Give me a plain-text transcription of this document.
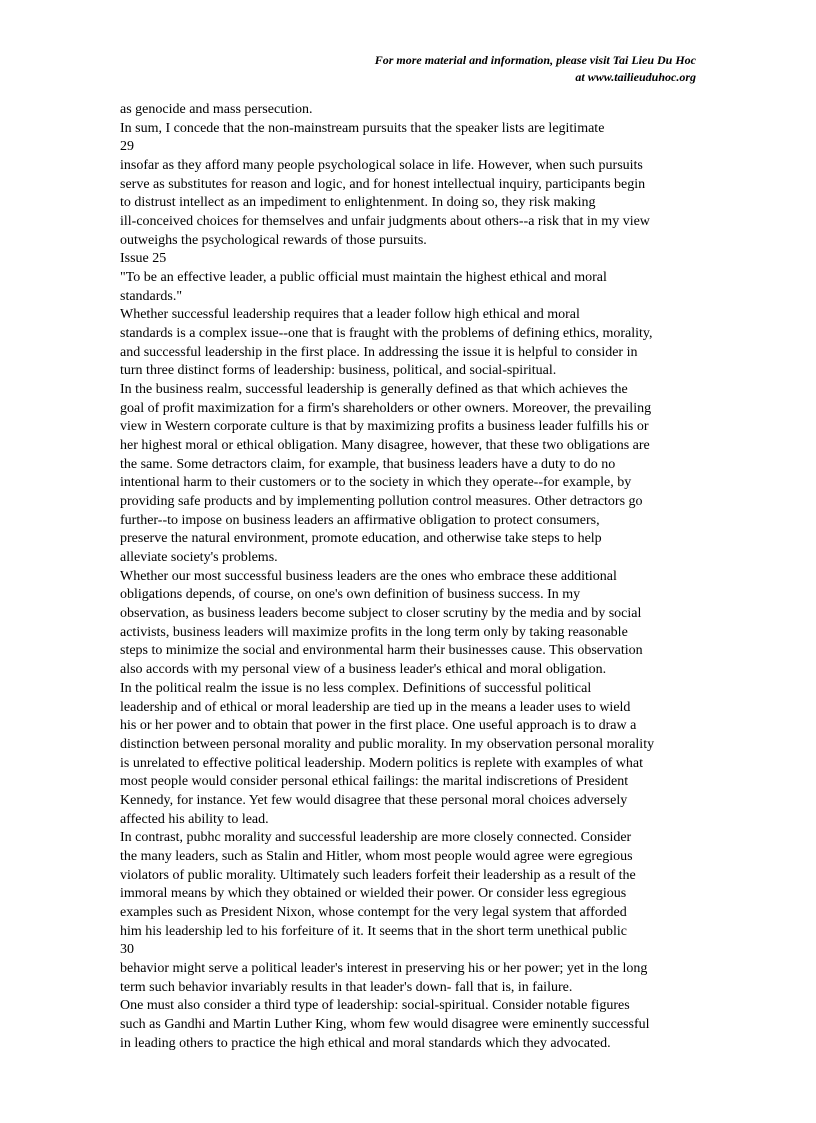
For more material and information, please visit Tai Lieu Du Hoc
at www.tailieuduhoc.org
as genocide and mass persecution.
In sum, I concede that the non-mainstream pursuits that the speaker lists are legitimate
29
insofar as they afford many people psychological solace in life. However, when such pursuits
serve as substitutes for reason and logic, and for honest intellectual inquiry, participants begin
to distrust intellect as an impediment to enlightenment. In doing so, they risk making
ill-conceived choices for themselves and unfair judgments about others--a risk that in my view
outweighs the psychological rewards of those pursuits.
Issue 25
"To be an effective leader, a public official must maintain the highest ethical and moral
standards."
Whether successful leadership requires that a leader follow high ethical and moral
standards is a complex issue--one that is fraught with the problems of defining ethics, morality,
and successful leadership in the first place. In addressing the issue it is helpful to consider in
turn three distinct forms of leadership: business, political, and social-spiritual.
In the business realm, successful leadership is generally defined as that which achieves the
goal of profit maximization for a firm's shareholders or other owners. Moreover, the prevailing
view in Western corporate culture is that by maximizing profits a business leader fulfills his or
her highest moral or ethical obligation. Many disagree, however, that these two obligations are
the same. Some detractors claim, for example, that business leaders have a duty to do no
intentional harm to their customers or to the society in which they operate--for example, by
providing safe products and by implementing pollution control measures. Other detractors go
further--to impose on business leaders an affirmative obligation to protect consumers,
preserve the natural environment, promote education, and otherwise take steps to help
alleviate society's problems.
Whether our most successful business leaders are the ones who embrace these additional
obligations depends, of course, on one's own definition of business success. In my
observation, as business leaders become subject to closer scrutiny by the media and by social
activists, business leaders will maximize profits in the long term only by taking reasonable
steps to minimize the social and environmental harm their businesses cause. This observation
also accords with my personal view of a business leader's ethical and moral obligation.
In the political realm the issue is no less complex. Definitions of successful political
leadership and of ethical or moral leadership are tied up in the means a leader uses to wield
his or her power and to obtain that power in the first place. One useful approach is to draw a
distinction between personal morality and public morality. In my observation personal morality
is unrelated to effective political leadership. Modern politics is replete with examples of what
most people would consider personal ethical failings: the marital indiscretions of President
Kennedy, for instance. Yet few would disagree that these personal moral choices adversely
affected his ability to lead.
In contrast, pubhc morality and successful leadership are more closely connected. Consider
the many leaders, such as Stalin and Hitler, whom most people would agree were egregious
violators of public morality. Ultimately such leaders forfeit their leadership as a result of the
immoral means by which they obtained or wielded their power. Or consider less egregious
examples such as President Nixon, whose contempt for the very legal system that afforded
him his leadership led to his forfeiture of it. It seems that in the short term unethical public
30
behavior might serve a political leader's interest in preserving his or her power; yet in the long
term such behavior invariably results in that leader's down- fall that is, in failure.
One must also consider a third type of leadership: social-spiritual. Consider notable figures
such as Gandhi and Martin Luther King, whom few would disagree were eminently successful
in leading others to practice the high ethical and moral standards which they advocated.
